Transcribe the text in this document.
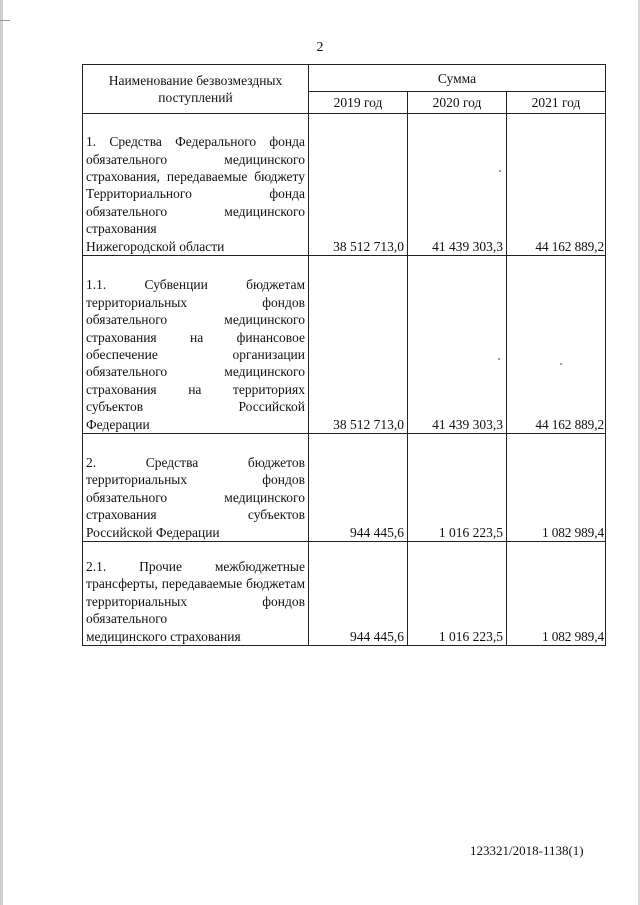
2
Наименование безвозмездных поступлений	Сумма		
	2019 год	2020 год	2021 год
1. Средства Федерального фонда обязательного медицинского страхования, передаваемые бюджету Территориального фонда обязательного медицинского страхования
Нижегородской области	38 512 713,0	41 439 303,3	44 162 889,2
1.1. Субвенции бюджетам территориальных фондов обязательного медицинского страхования на финансовое обеспечение организации обязательного медицинского страхования на территориях субъектов Российской
Федерации	38 512 713,0	41 439 303,3	44 162 889,2
2. Средства бюджетов территориальных фондов обязательного медицинского страхования субъектов
Российской Федерации	944 445,6	1 016 223,5	1 082 989,4
2.1. Прочие межбюджетные трансферты, передаваемые бюджетам территориальных фондов обязательного
медицинского страхования	944 445,6	1 016 223,5	1 082 989,4
123321/2018-1138(1)
